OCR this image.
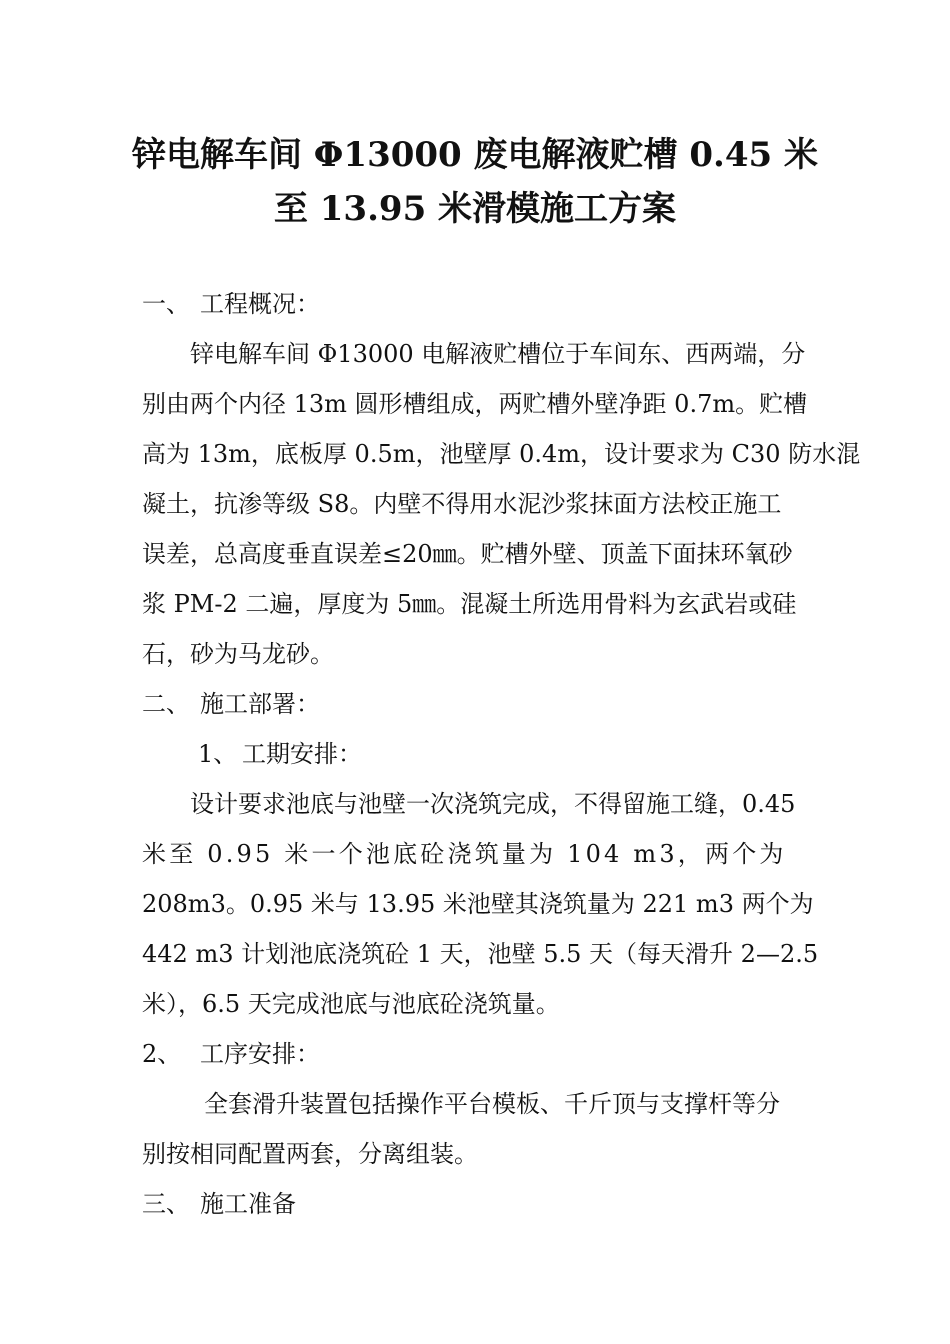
锌电解车间 Φ13000 废电解液贮槽 0.45 米
至 13.95 米滑模施工方案
一、 工程概况：
锌电解车间 Φ13000 电解液贮槽位于车间东、西两端，分
别由两个内径 13m 圆形槽组成，两贮槽外壁净距 0.7m。贮槽
高为 13m，底板厚 0.5m，池壁厚 0.4m，设计要求为 C30 防水混
凝土，抗渗等级 S8。内壁不得用水泥沙浆抹面方法校正施工
误差，总高度垂直误差≤20㎜。贮槽外壁、顶盖下面抹环氧砂
浆 PM-2 二遍，厚度为 5㎜。混凝土所选用骨料为玄武岩或硅
石，砂为马龙砂。
二、 施工部署：
1、 工期安排：
设计要求池底与池壁一次浇筑完成，不得留施工缝，0.45
米至 0.95 米一个池底砼浇筑量为 104 m3，两个为
208m3。0.95 米与 13.95 米池壁其浇筑量为 221 m3 两个为
442 m3 计划池底浇筑砼 1 天，池壁 5.5 天（每天滑升 2—2.5
米），6.5 天完成池底与池底砼浇筑量。
2、 工序安排：
全套滑升装置包括操作平台模板、千斤顶与支撑杆等分
别按相同配置两套，分离组装。
三、 施工准备
